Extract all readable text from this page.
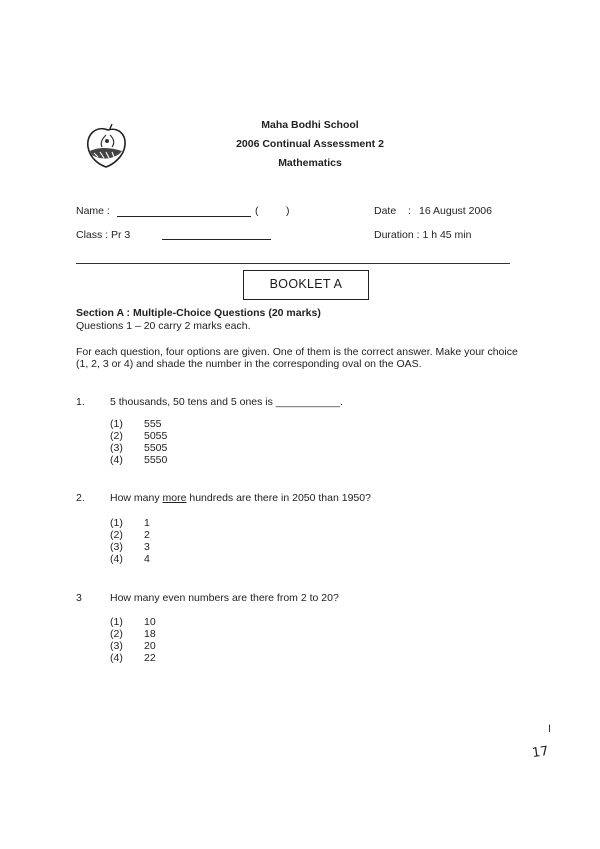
Maha Bodhi School
2006 Continual Assessment 2
Mathematics
Name :	(	)	Date : 16 August 2006
Class : Pr 3	Duration : 1 h 45 min
BOOKLET A
Section A : Multiple-Choice Questions (20 marks)
Questions 1 – 20 carry 2 marks each.
For each question, four options are given. One of them is the correct answer. Make your choice
(1, 2, 3 or 4) and shade the number in the corresponding oval on the OAS.
1. 5 thousands, 50 tens and 5 ones is ___________.
(1)	555
(2)	5055
(3)	5505
(4)	5550
2. How many more hundreds are there in 2050 than 1950?
(1)	1
(2)	2
(3)	3
(4)	4
3	How many even numbers are there from 2 to 20?
(1)	10
(2)	18
(3)	20
(4)	22
I
17
